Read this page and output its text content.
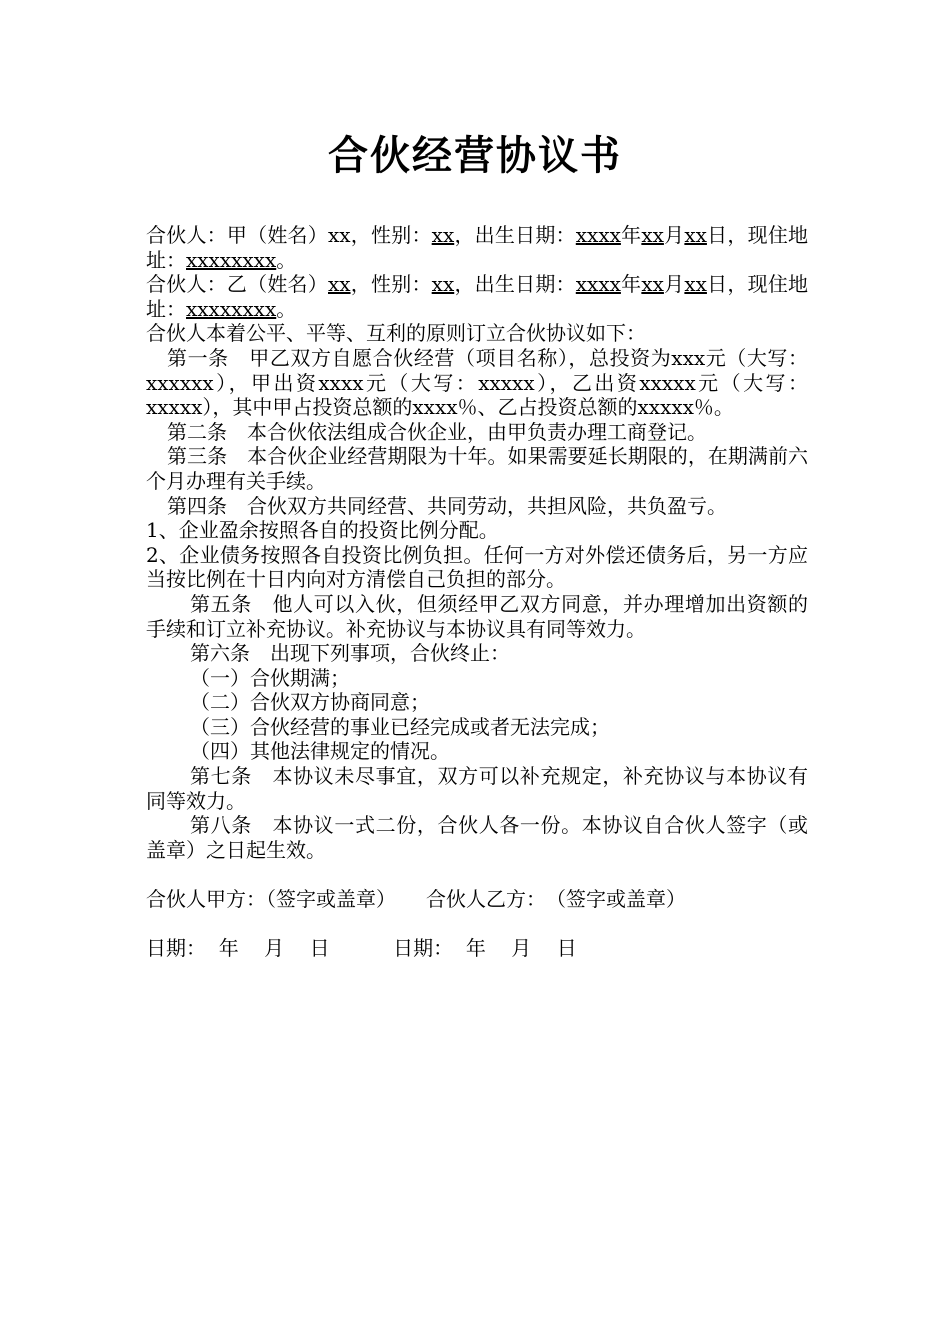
合伙经营协议书

合伙人：甲（姓名）xx，性别：xx，出生日期：xxxx年xx月xx日，现住地址：xxxxxxxx。

合伙人：乙（姓名）xx，性别：xx，出生日期：xxxx年xx月xx日，现住地址：xxxxxxxx。

合伙人本着公平、平等、互利的原则订立合伙协议如下：

第一条　甲乙双方自愿合伙经营（项目名称），总投资为xxx元（大写：xxxxxx），甲出资xxxx元（大写：xxxxx），乙出资xxxxx元（大写：xxxxx），其中甲占投资总额的xxxx％、乙占投资总额的xxxxx％。

第二条　本合伙依法组成合伙企业，由甲负责办理工商登记。

第三条　本合伙企业经营期限为十年。如果需要延长期限的，在期满前六个月办理有关手续。

第四条　合伙双方共同经营、共同劳动，共担风险，共负盈亏。

1、企业盈余按照各自的投资比例分配。

2、企业债务按照各自投资比例负担。任何一方对外偿还债务后，另一方应当按比例在十日内向对方清偿自己负担的部分。

第五条　他人可以入伙，但须经甲乙双方同意，并办理增加出资额的手续和订立补充协议。补充协议与本协议具有同等效力。

第六条　出现下列事项，合伙终止：

（一）合伙期满；

（二）合伙双方协商同意；

（三）合伙经营的事业已经完成或者无法完成；

（四）其他法律规定的情况。

第七条　本协议未尽事宜，双方可以补充规定，补充协议与本协议有同等效力。

第八条　本协议一式二份，合伙人各一份。本协议自合伙人签字（或盖章）之日起生效。

合伙人甲方：（签字或盖章）　　合伙人乙方：　（签字或盖章）

日期：  年    月    日          日期：  年    月    日
